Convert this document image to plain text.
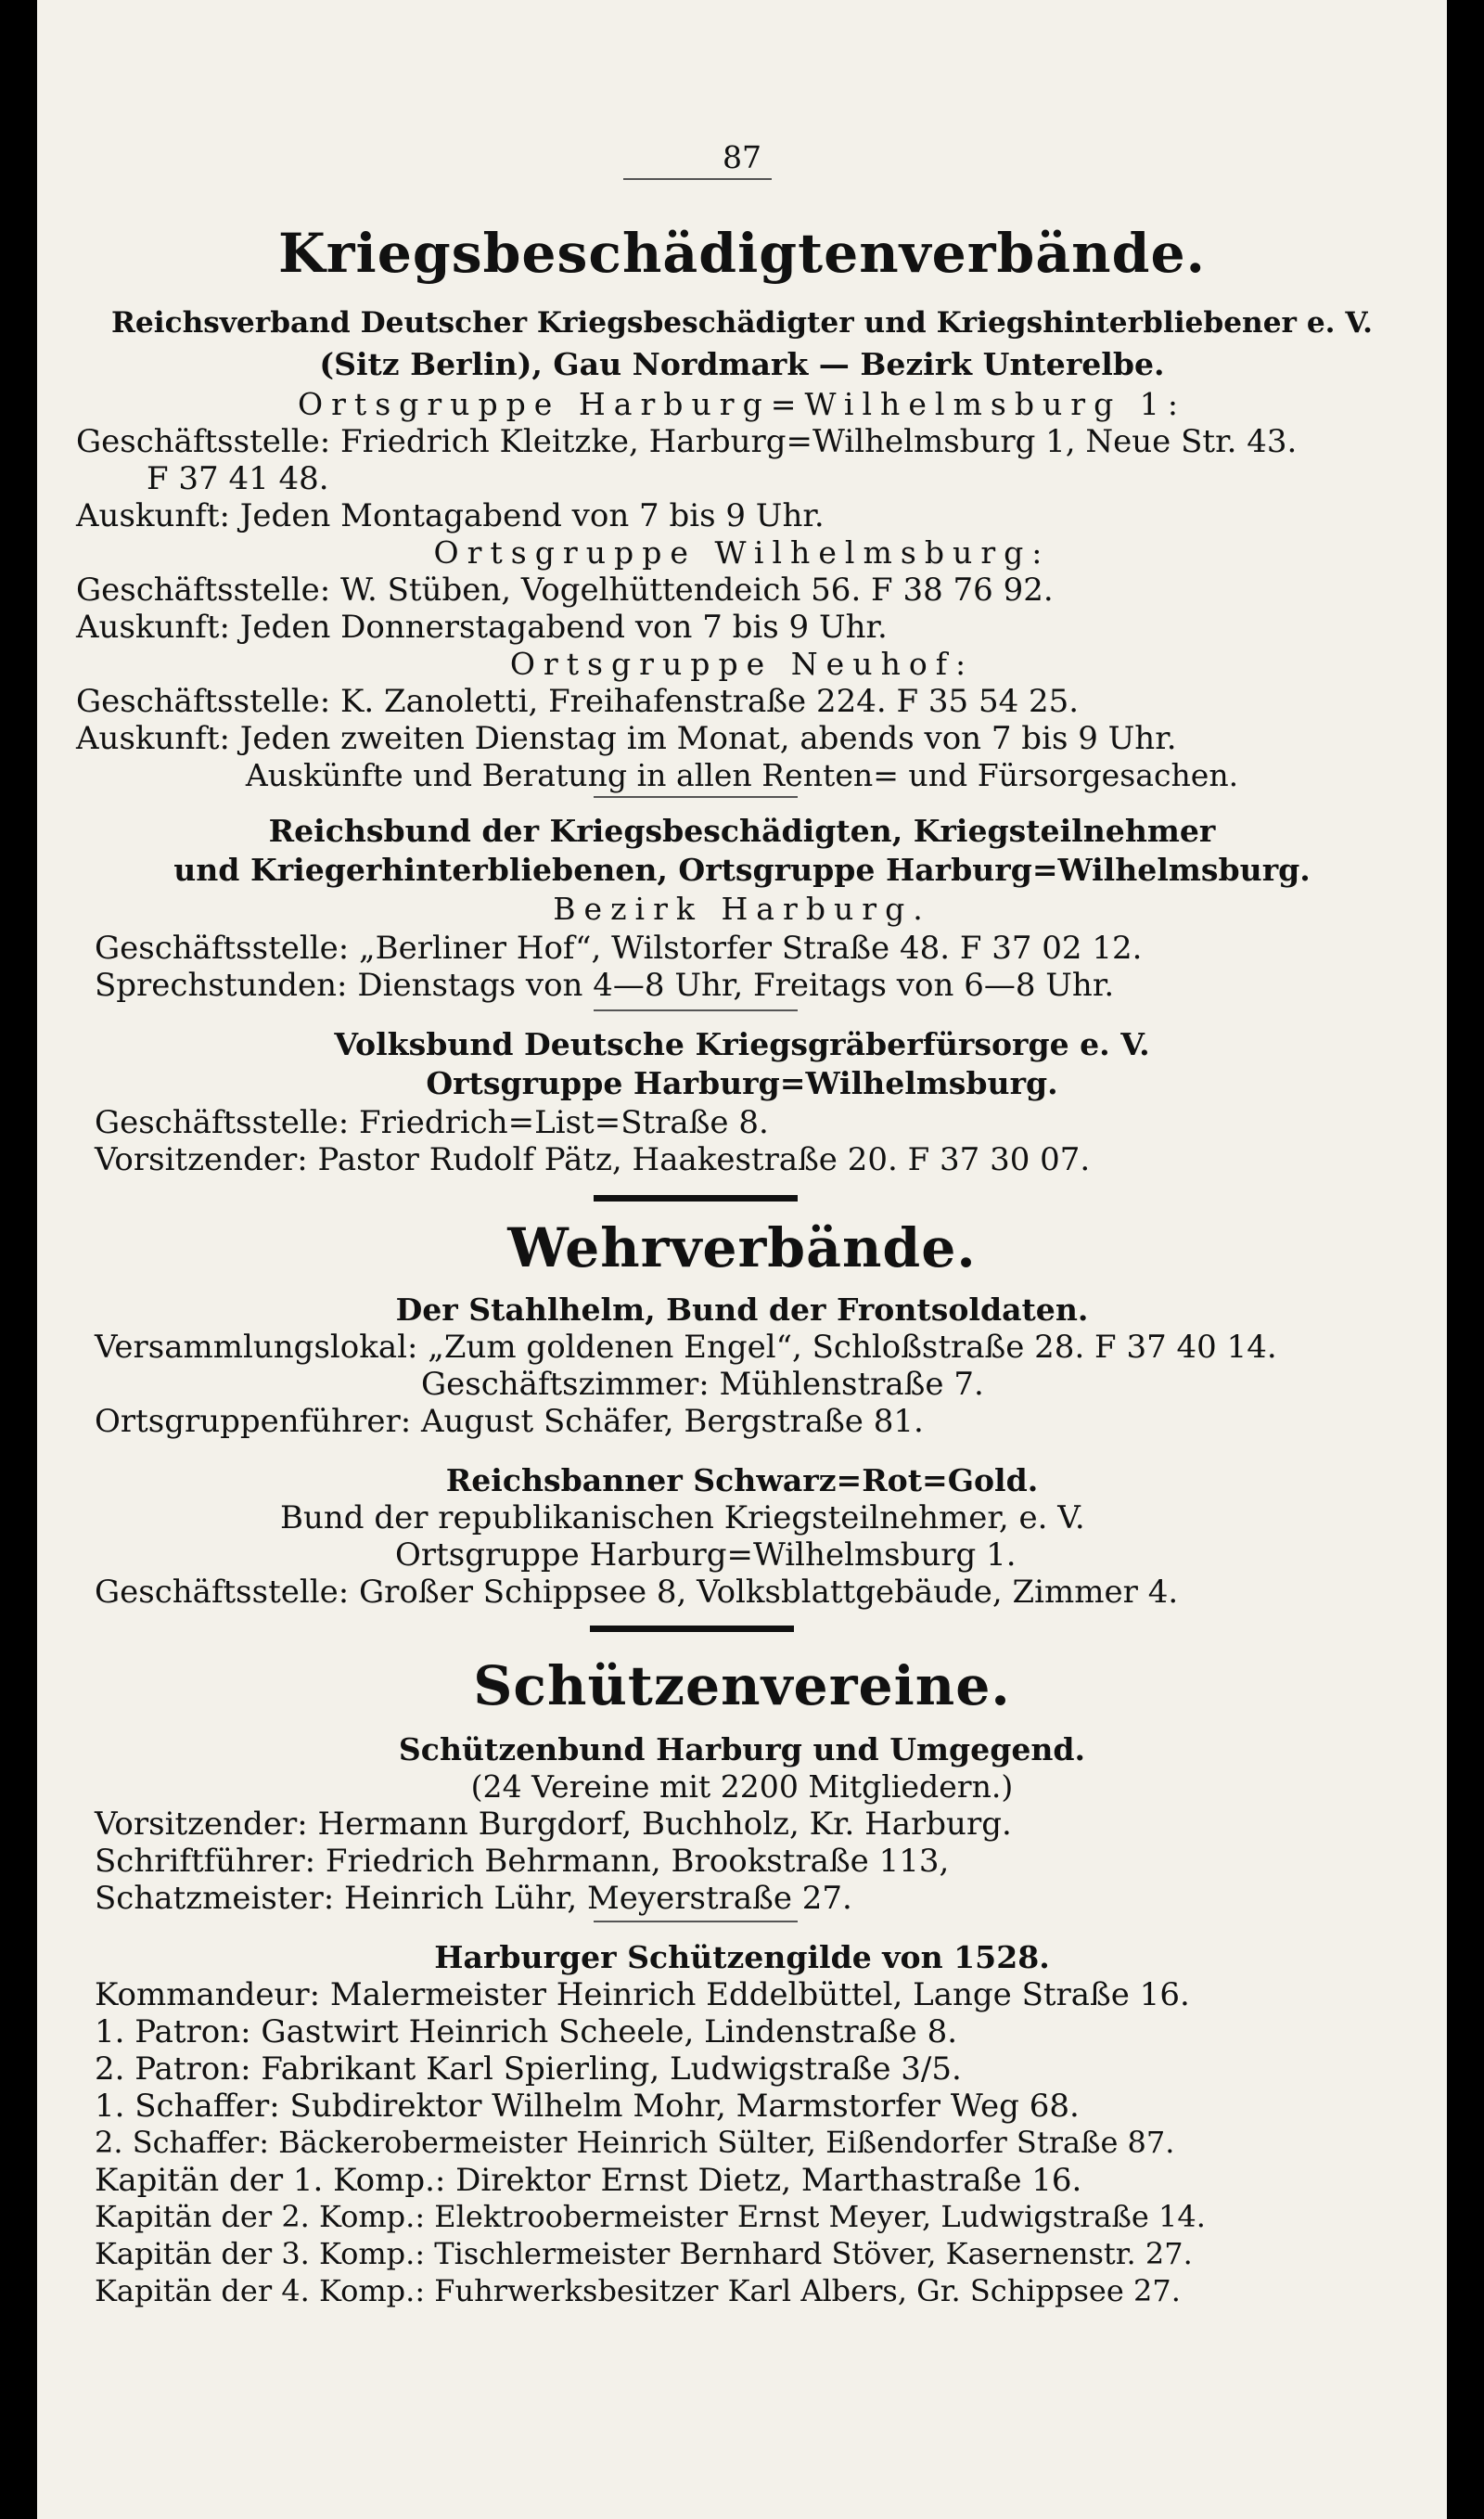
87
Kriegsbeschädigtenverbände.
Reichsverband Deutscher Kriegsbeschädigter und Kriegshinterbliebener e. V.
(Sitz Berlin), Gau Nordmark — Bezirk Unterelbe.
Ortsgruppe Harburg=Wilhelmsburg 1:
Geschäftsstelle: Friedrich Kleitzke, Harburg=Wilhelmsburg 1, Neue Str. 43.
F 37 41 48.
Auskunft: Jeden Montagabend von 7 bis 9 Uhr.
Ortsgruppe Wilhelmsburg:
Geschäftsstelle: W. Stüben, Vogelhüttendeich 56. F 38 76 92.
Auskunft: Jeden Donnerstagabend von 7 bis 9 Uhr.
Ortsgruppe Neuhof:
Geschäftsstelle: K. Zanoletti, Freihafenstraße 224. F 35 54 25.
Auskunft: Jeden zweiten Dienstag im Monat, abends von 7 bis 9 Uhr.
Auskünfte und Beratung in allen Renten= und Fürsorgesachen.
Reichsbund der Kriegsbeschädigten, Kriegsteilnehmer
und Kriegerhinterbliebenen, Ortsgruppe Harburg=Wilhelmsburg.
Bezirk Harburg.
Geschäftsstelle: „Berliner Hof“, Wilstorfer Straße 48. F 37 02 12.
Sprechstunden: Dienstags von 4—8 Uhr, Freitags von 6—8 Uhr.
Volksbund Deutsche Kriegsgräberfürsorge e. V.
Ortsgruppe Harburg=Wilhelmsburg.
Geschäftsstelle: Friedrich=List=Straße 8.
Vorsitzender: Pastor Rudolf Pätz, Haakestraße 20. F 37 30 07.
Wehrverbände.
Der Stahlhelm, Bund der Frontsoldaten.
Versammlungslokal: „Zum goldenen Engel“, Schloßstraße 28. F 37 40 14.
Geschäftszimmer: Mühlenstraße 7.
Ortsgruppenführer: August Schäfer, Bergstraße 81.
Reichsbanner Schwarz=Rot=Gold.
Bund der republikanischen Kriegsteilnehmer, e. V.
Ortsgruppe Harburg=Wilhelmsburg 1.
Geschäftsstelle: Großer Schippsee 8, Volksblattgebäude, Zimmer 4.
Schützenvereine.
Schützenbund Harburg und Umgegend.
(24 Vereine mit 2200 Mitgliedern.)
Vorsitzender: Hermann Burgdorf, Buchholz, Kr. Harburg.
Schriftführer: Friedrich Behrmann, Brookstraße 113,
Schatzmeister: Heinrich Lühr, Meyerstraße 27.
Harburger Schützengilde von 1528.
Kommandeur: Malermeister Heinrich Eddelbüttel, Lange Straße 16.
1. Patron: Gastwirt Heinrich Scheele, Lindenstraße 8.
2. Patron: Fabrikant Karl Spierling, Ludwigstraße 3/5.
1. Schaffer: Subdirektor Wilhelm Mohr, Marmstorfer Weg 68.
2. Schaffer: Bäckerobermeister Heinrich Sülter, Eißendorfer Straße 87.
Kapitän der 1. Komp.: Direktor Ernst Dietz, Marthastraße 16.
Kapitän der 2. Komp.: Elektroobermeister Ernst Meyer, Ludwigstraße 14.
Kapitän der 3. Komp.: Tischlermeister Bernhard Stöver, Kasernenstr. 27.
Kapitän der 4. Komp.: Fuhrwerksbesitzer Karl Albers, Gr. Schippsee 27.
